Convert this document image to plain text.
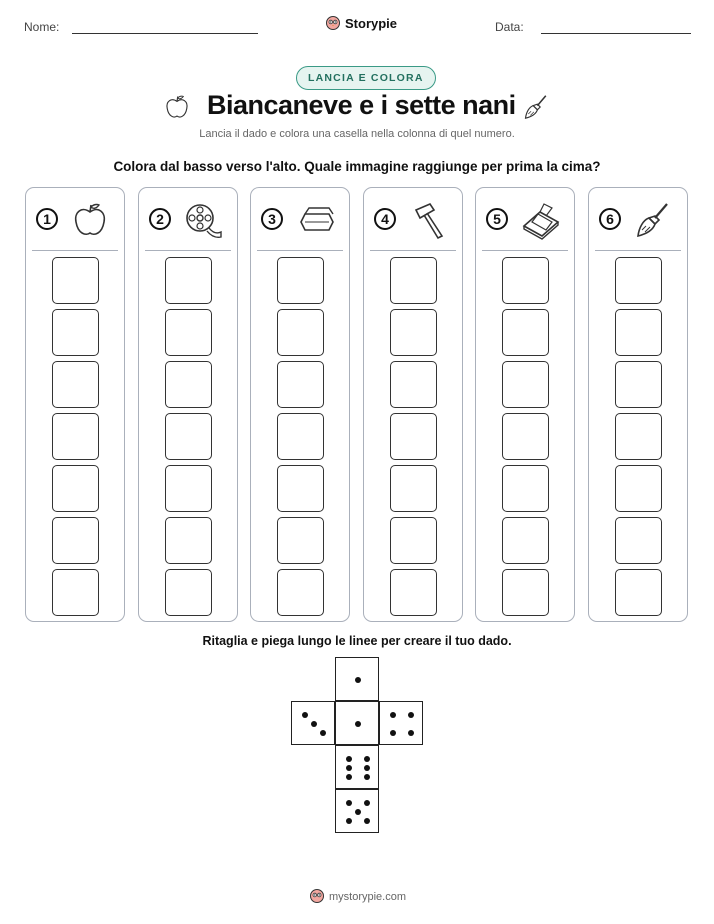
Nome:	Storypie	Data:
LANCIA E COLORA
Biancaneve e i sette nani
Lancia il dado e colora una casella nella colonna di quel numero.
Colora dal basso verso l'alto. Quale immagine raggiunge per prima la cima?
1	2	3	4	5	6
Ritaglia e piega lungo le linee per creare il tuo dado.
mystorypie.com
